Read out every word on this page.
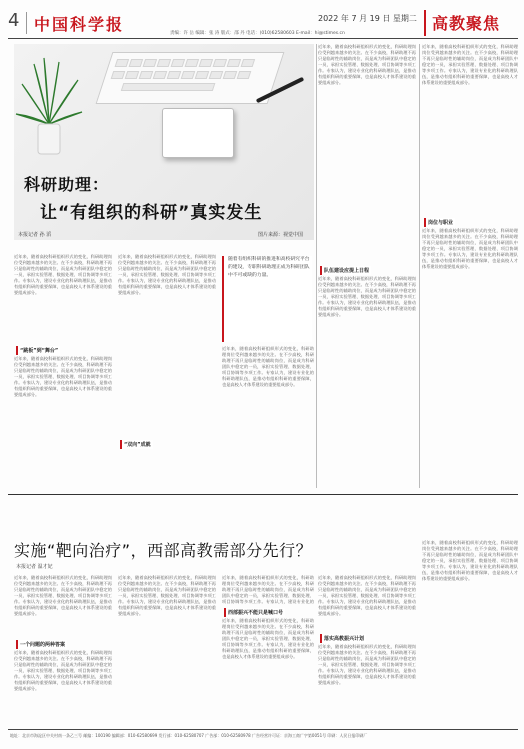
4 中国科学报	2022 年 7 月 19 日 星期二
责编：许 岳 编辑：张 涛 版式：邵 丹 电话：(010)62580603 E-mail：hi@stimes.cn
高教聚焦
科研助理：
让“有组织的科研”真实发生
本报记者 孙 滔	图片来源：视觉中国
近年来，随着高校科研组织形式的变化，科研助理岗位受到越来越多的关注。在不少高校，科研助理不再只是临时性的辅助岗位，而是成为科研团队中稳定的一员，承担实验管理、数据处理、项目协调等多项工作。专家认为，建设专业化的科研助理队伍，是推动有组织科研的重要保障，也是高校人才体系建设的重要组成部分。
“跳板”到“舞台”
近年来，随着高校科研组织形式的变化，科研助理岗位受到越来越多的关注。在不少高校，科研助理不再只是临时性的辅助岗位，而是成为科研团队中稳定的一员，承担实验管理、数据处理、项目协调等多项工作。专家认为，建设专业化的科研助理队伍，是推动有组织科研的重要保障，也是高校人才体系建设的重要组成部分。
近年来，随着高校科研组织形式的变化，科研助理岗位受到越来越多的关注。在不少高校，科研助理不再只是临时性的辅助岗位，而是成为科研团队中稳定的一员，承担实验管理、数据处理、项目协调等多项工作。专家认为，建设专业化的科研助理队伍，是推动有组织科研的重要保障，也是高校人才体系建设的重要组成部分。
随着有组织科研的推进和高校研究平台的建设，专职科研助理正成为科研团队中不可或缺的力量。
近年来，随着高校科研组织形式的变化，科研助理岗位受到越来越多的关注。在不少高校，科研助理不再只是临时性的辅助岗位，而是成为科研团队中稳定的一员，承担实验管理、数据处理、项目协调等多项工作。专家认为，建设专业化的科研助理队伍，是推动有组织科研的重要保障，也是高校人才体系建设的重要组成部分。
“双向”成就
近年来，随着高校科研组织形式的变化，科研助理岗位受到越来越多的关注。在不少高校，科研助理不再只是临时性的辅助岗位，而是成为科研团队中稳定的一员，承担实验管理、数据处理、项目协调等多项工作。专家认为，建设专业化的科研助理队伍，是推动有组织科研的重要保障，也是高校人才体系建设的重要组成部分。
队伍建设应提上日程
近年来，随着高校科研组织形式的变化，科研助理岗位受到越来越多的关注。在不少高校，科研助理不再只是临时性的辅助岗位，而是成为科研团队中稳定的一员，承担实验管理、数据处理、项目协调等多项工作。专家认为，建设专业化的科研助理队伍，是推动有组织科研的重要保障，也是高校人才体系建设的重要组成部分。
近年来，随着高校科研组织形式的变化，科研助理岗位受到越来越多的关注。在不少高校，科研助理不再只是临时性的辅助岗位，而是成为科研团队中稳定的一员，承担实验管理、数据处理、项目协调等多项工作。专家认为，建设专业化的科研助理队伍，是推动有组织科研的重要保障，也是高校人才体系建设的重要组成部分。
岗位与职业
近年来，随着高校科研组织形式的变化，科研助理岗位受到越来越多的关注。在不少高校，科研助理不再只是临时性的辅助岗位，而是成为科研团队中稳定的一员，承担实验管理、数据处理、项目协调等多项工作。专家认为，建设专业化的科研助理队伍，是推动有组织科研的重要保障，也是高校人才体系建设的重要组成部分。
实施“靶向治疗”，西部高教需部分先行？
本报记者 温才妃
近年来，随着高校科研组织形式的变化，科研助理岗位受到越来越多的关注。在不少高校，科研助理不再只是临时性的辅助岗位，而是成为科研团队中稳定的一员，承担实验管理、数据处理、项目协调等多项工作。专家认为，建设专业化的科研助理队伍，是推动有组织科研的重要保障，也是高校人才体系建设的重要组成部分。
一个问题的两种答案
近年来，随着高校科研组织形式的变化，科研助理岗位受到越来越多的关注。在不少高校，科研助理不再只是临时性的辅助岗位，而是成为科研团队中稳定的一员，承担实验管理、数据处理、项目协调等多项工作。专家认为，建设专业化的科研助理队伍，是推动有组织科研的重要保障，也是高校人才体系建设的重要组成部分。
近年来，随着高校科研组织形式的变化，科研助理岗位受到越来越多的关注。在不少高校，科研助理不再只是临时性的辅助岗位，而是成为科研团队中稳定的一员，承担实验管理、数据处理、项目协调等多项工作。专家认为，建设专业化的科研助理队伍，是推动有组织科研的重要保障，也是高校人才体系建设的重要组成部分。
近年来，随着高校科研组织形式的变化，科研助理岗位受到越来越多的关注。在不少高校，科研助理不再只是临时性的辅助岗位，而是成为科研团队中稳定的一员，承担实验管理、数据处理、项目协调等多项工作。专家认为，建设专业化的
西部振兴不能只是喊口号
近年来，随着高校科研组织形式的变化，科研助理岗位受到越来越多的关注。在不少高校，科研助理不再只是临时性的辅助岗位，而是成为科研团队中稳定的一员，承担实验管理、数据处理、项目协调等多项工作。专家认为，建设专业化的科研助理队伍，是推动有组织科研的重要保障，也是高校人才体系建设的重要组成部分。
近年来，随着高校科研组织形式的变化，科研助理岗位受到越来越多的关注。在不少高校，科研助理不再只是临时性的辅助岗位，而是成为科研团队中稳定的一员，承担实验管理、数据处理、项目协调等多项工作。专家认为，建设专业化的科研助理队伍，是推动有组织科研的重要保障，也是高校人才体系建设的重要组成部分。
落实高教振兴计划
近年来，随着高校科研组织形式的变化，科研助理岗位受到越来越多的关注。在不少高校，科研助理不再只是临时性的辅助岗位，而是成为科研团队中稳定的一员，承担实验管理、数据处理、项目协调等多项工作。专家认为，建设专业化的科研助理队伍，是推动有组织科研的重要保障，也是高校人才体系建设的重要组成部分。
近年来，随着高校科研组织形式的变化，科研助理岗位受到越来越多的关注。在不少高校，科研助理不再只是临时性的辅助岗位，而是成为科研团队中稳定的一员，承担实验管理、数据处理、项目协调等多项工作。专家认为，建设专业化的科研助理队伍，是推动有组织科研的重要保障，也是高校人才体系建设的重要组成部分。
地址：北京市海淀区中关村南一条乙三号 邮编：100190 编辑部：010-62580699 发行部：010-62580707 广告部：010-62580978 广告经营许可证：京海工商广字第0051号 印刷：人民日报印刷厂
